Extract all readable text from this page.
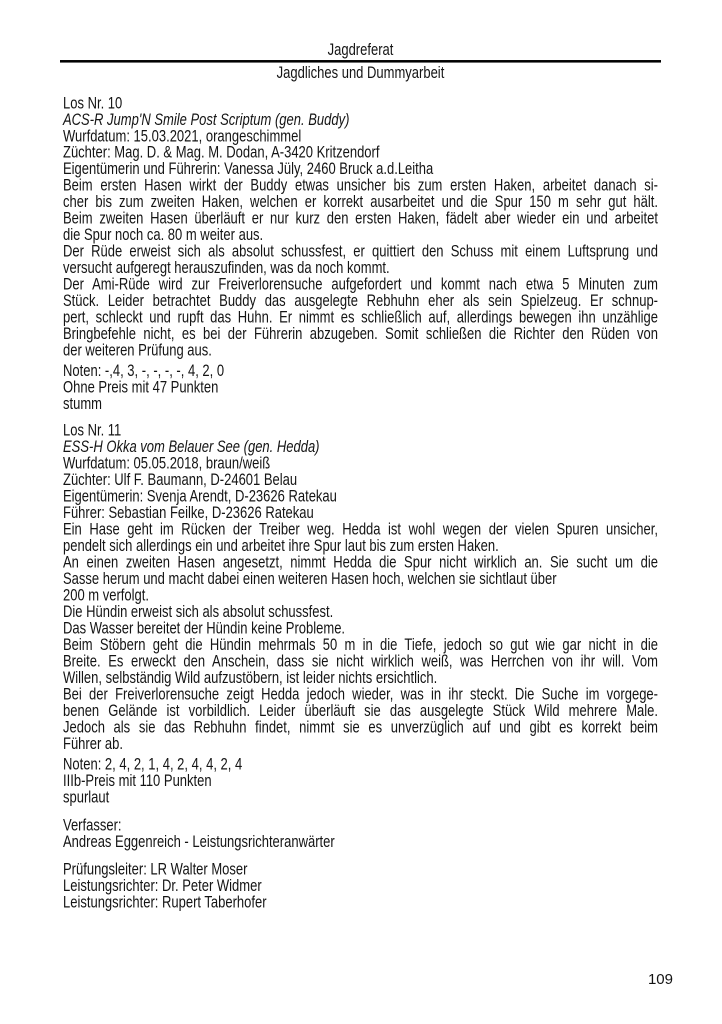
Jagdreferat
Jagdliches und Dummyarbeit
Los Nr. 10
ACS-R Jump'N Smile Post Scriptum (gen. Buddy)
Wurfdatum: 15.03.2021, orangeschimmel
Züchter: Mag. D. & Mag. M. Dodan, A-3420 Kritzendorf
Eigentümerin und Führerin: Vanessa Jüly, 2460 Bruck a.d.Leitha
Beim ersten Hasen wirkt der Buddy etwas unsicher bis zum ersten Haken, arbeitet danach si-
cher bis zum zweiten Haken, welchen er korrekt ausarbeitet und die Spur 150 m sehr gut hält.
Beim zweiten Hasen überläuft er nur kurz den ersten Haken, fädelt aber wieder ein und arbeitet
die Spur noch ca. 80 m weiter aus.
Der Rüde erweist sich als absolut schussfest, er quittiert den Schuss mit einem Luftsprung und
versucht aufgeregt herauszufinden, was da noch kommt.
Der Ami-Rüde wird zur Freiverlorensuche aufgefordert und kommt nach etwa 5 Minuten zum
Stück. Leider betrachtet Buddy das ausgelegte Rebhuhn eher als sein Spielzeug. Er schnup-
pert, schleckt und rupft das Huhn. Er nimmt es schließlich auf, allerdings bewegen ihn unzählige
Bringbefehle nicht, es bei der Führerin abzugeben. Somit schließen die Richter den Rüden von
der weiteren Prüfung aus.
Noten: -,4, 3, -, -, -, -, 4, 2, 0
Ohne Preis mit 47 Punkten
stumm
Los Nr. 11
ESS-H Okka vom Belauer See (gen. Hedda)
Wurfdatum: 05.05.2018, braun/weiß
Züchter: Ulf F. Baumann, D-24601 Belau
Eigentümerin: Svenja Arendt, D-23626 Ratekau
Führer: Sebastian Feilke, D-23626 Ratekau
Ein Hase geht im Rücken der Treiber weg. Hedda ist wohl wegen der vielen Spuren unsicher,
pendelt sich allerdings ein und arbeitet ihre Spur laut bis zum ersten Haken.
An einen zweiten Hasen angesetzt, nimmt Hedda die Spur nicht wirklich an. Sie sucht um die
Sasse herum und macht dabei einen weiteren Hasen hoch, welchen sie sichtlaut über
200 m verfolgt.
Die Hündin erweist sich als absolut schussfest.
Das Wasser bereitet der Hündin keine Probleme.
Beim Stöbern geht die Hündin mehrmals 50 m in die Tiefe, jedoch so gut wie gar nicht in die
Breite. Es erweckt den Anschein, dass sie nicht wirklich weiß, was Herrchen von ihr will. Vom
Willen, selbständig Wild aufzustöbern, ist leider nichts ersichtlich.
Bei der Freiverlorensuche zeigt Hedda jedoch wieder, was in ihr steckt. Die Suche im vorgege-
benen Gelände ist vorbildlich. Leider überläuft sie das ausgelegte Stück Wild mehrere Male.
Jedoch als sie das Rebhuhn findet, nimmt sie es unverzüglich auf und gibt es korrekt beim
Führer ab.
Noten: 2, 4, 2, 1, 4, 2, 4, 4, 2, 4
IIIb-Preis mit 110 Punkten
spurlaut
Verfasser:
Andreas Eggenreich - Leistungsrichteranwärter
Prüfungsleiter: LR Walter Moser
Leistungsrichter: Dr. Peter Widmer
Leistungsrichter: Rupert Taberhofer
109
